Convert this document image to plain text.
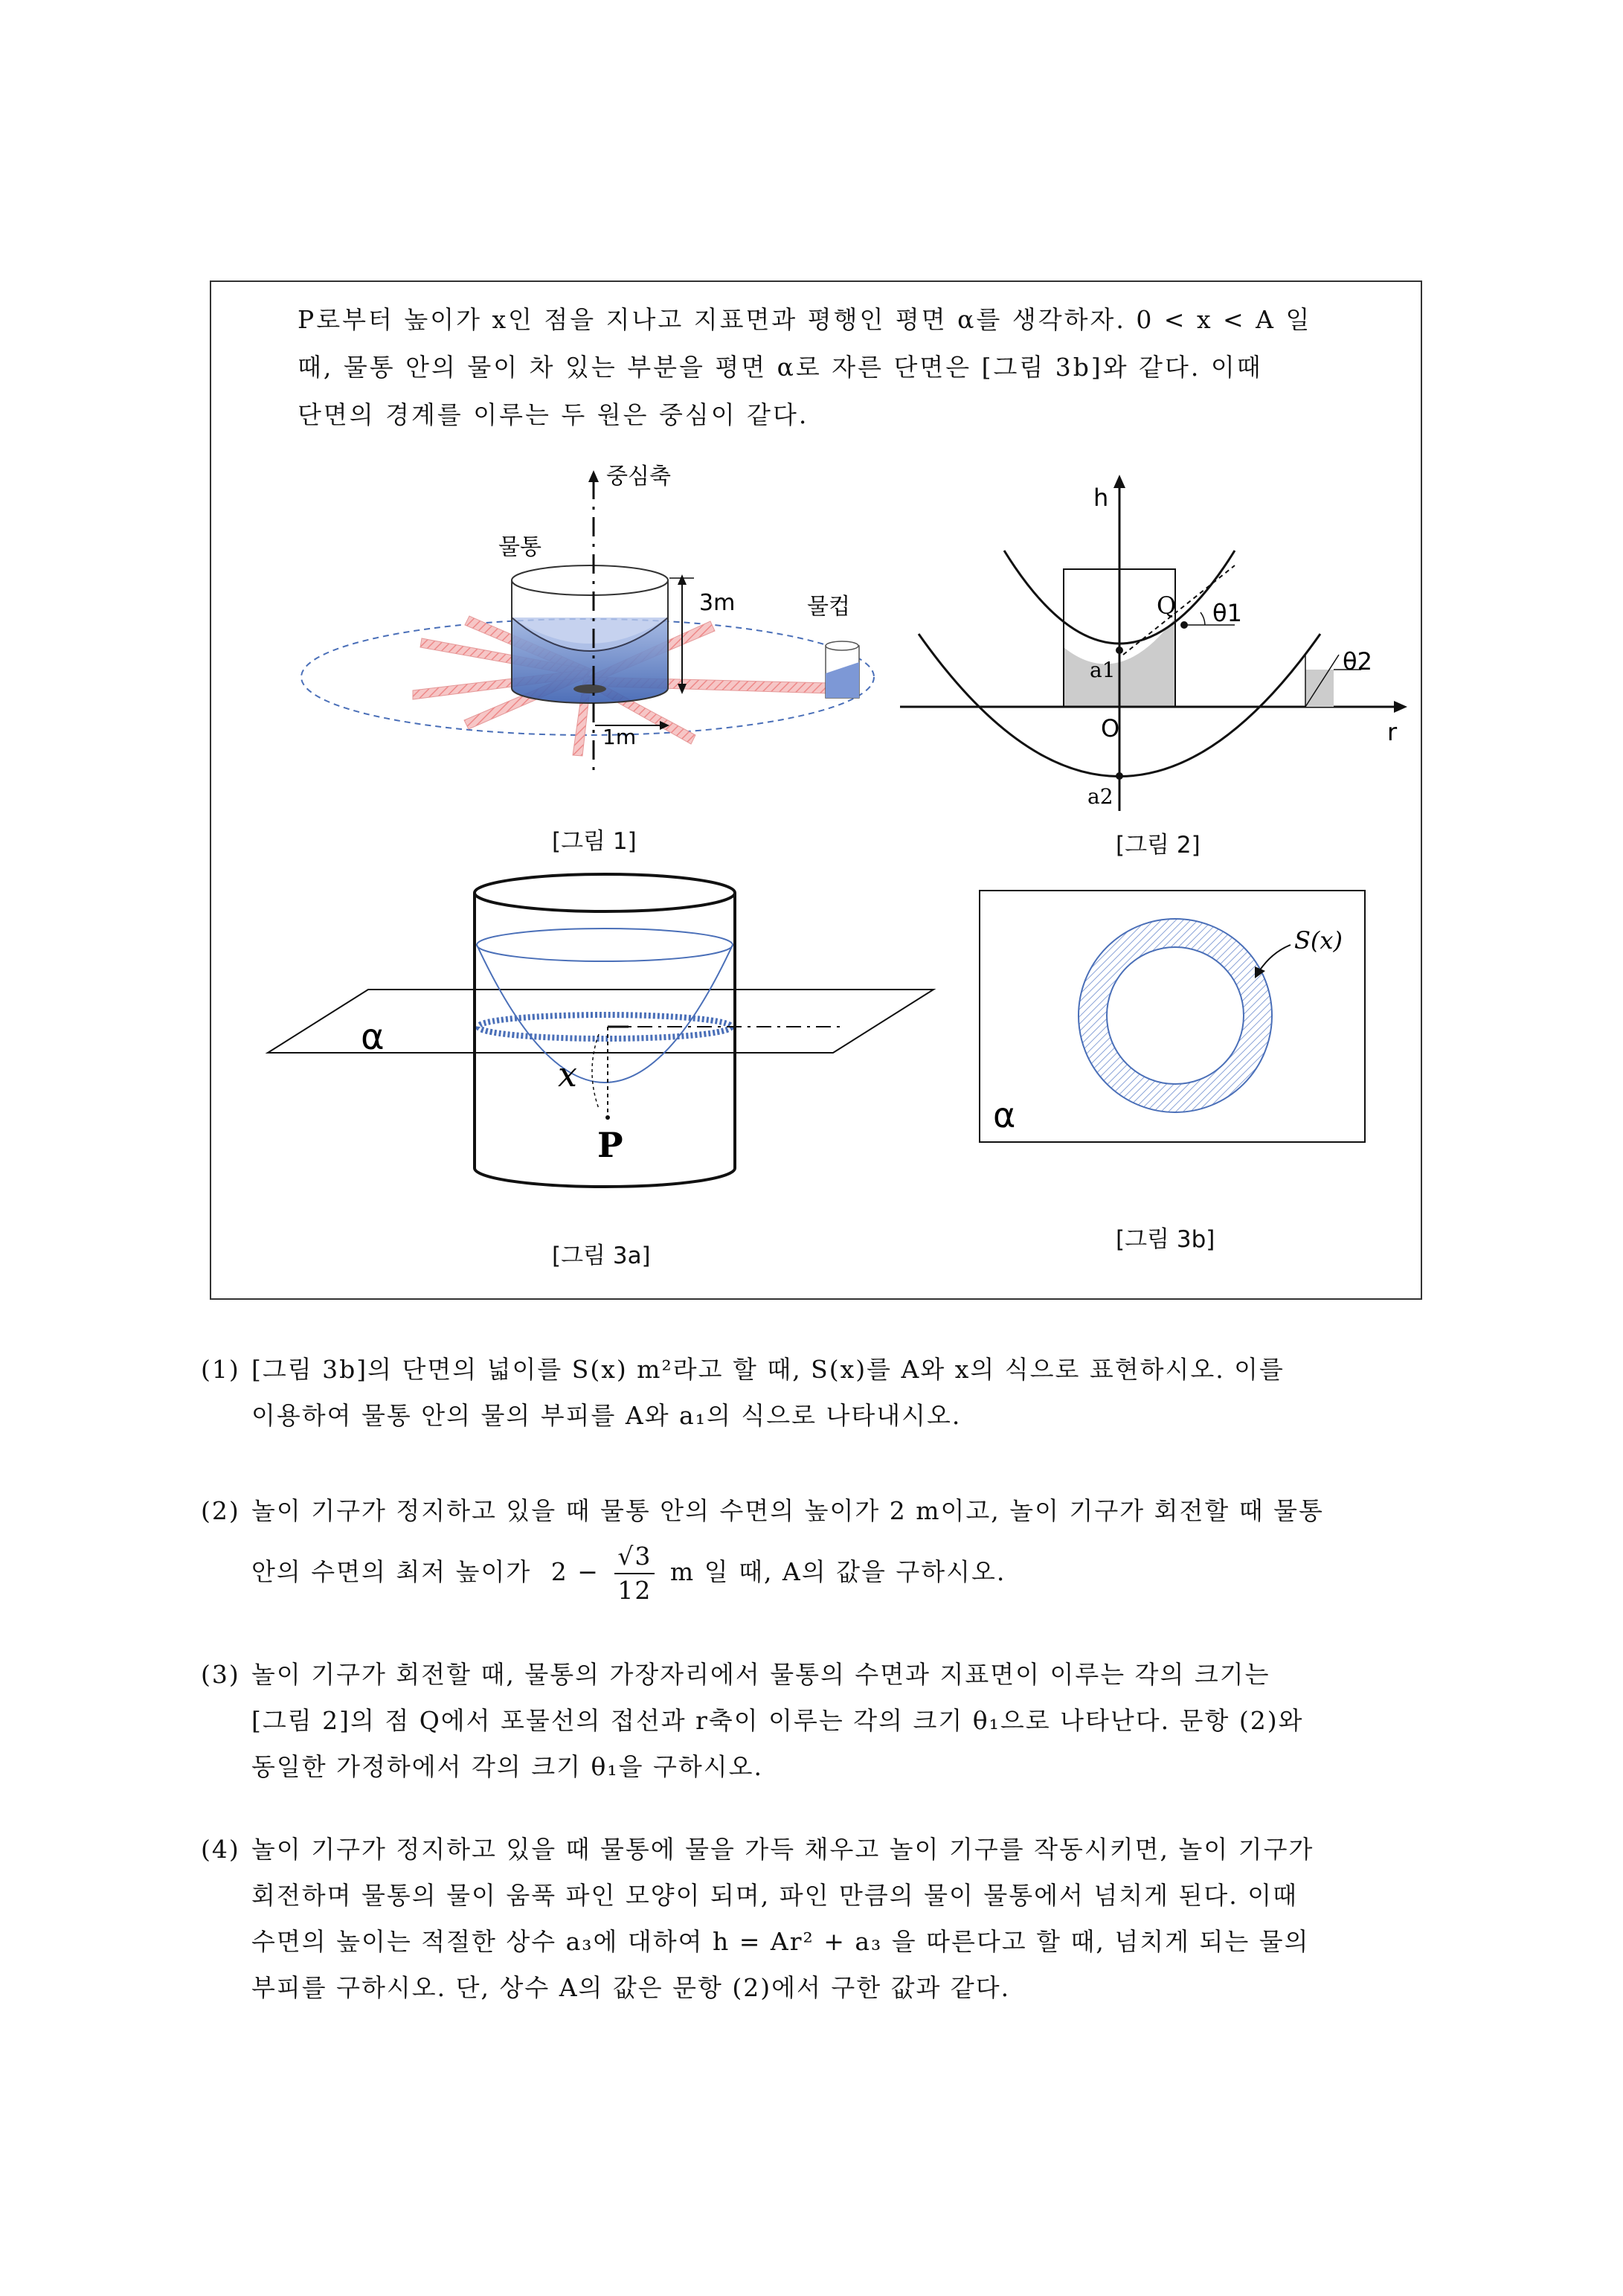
P로부터 높이가 x인 점을 지나고 지표면과 평행인 평면 α를 생각하자. 0 < x < A 일
때, 물통 안의 물이 차 있는 부분을 평면 α로 자른 단면은 [그림 3b]와 같다. 이때
단면의 경계를 이루는 두 원은 중심이 같다.
중심축
물통
3m	물컵
1m
[그림 1]
h
r
O
Q θ1
θ2
a1
a2
[그림 2]
α
x
P
[그림 3a]
S(x)
α
[그림 3b]
(1) [그림 3b]의 단면의 넓이를 S(x) m²라고 할 때, S(x)를 A와 x의 식으로 표현하시오. 이를
이용하여 물통 안의 물의 부피를 A와 a₁의 식으로 나타내시오.
(2) 놀이 기구가 정지하고 있을 때 물통 안의 수면의 높이가 2 m이고, 놀이 기구가 회전할 때 물통
안의 수면의 최저 높이가 $2 - \frac{√3}{12}$ m 일 때, A의 값을 구하시오.
(3) 놀이 기구가 회전할 때, 물통의 가장자리에서 물통의 수면과 지표면이 이루는 각의 크기는
[그림 2]의 점 Q에서 포물선의 접선과 r축이 이루는 각의 크기 θ₁으로 나타난다. 문항 (2)와
동일한 가정하에서 각의 크기 θ₁을 구하시오.
(4) 놀이 기구가 정지하고 있을 때 물통에 물을 가득 채우고 놀이 기구를 작동시키면, 놀이 기구가
회전하며 물통의 물이 움푹 파인 모양이 되며, 파인 만큼의 물이 물통에서 넘치게 된다. 이때
수면의 높이는 적절한 상수 a₃에 대하여 h = Ar² + a₃ 을 따른다고 할 때, 넘치게 되는 물의
부피를 구하시오. 단, 상수 A의 값은 문항 (2)에서 구한 값과 같다.
